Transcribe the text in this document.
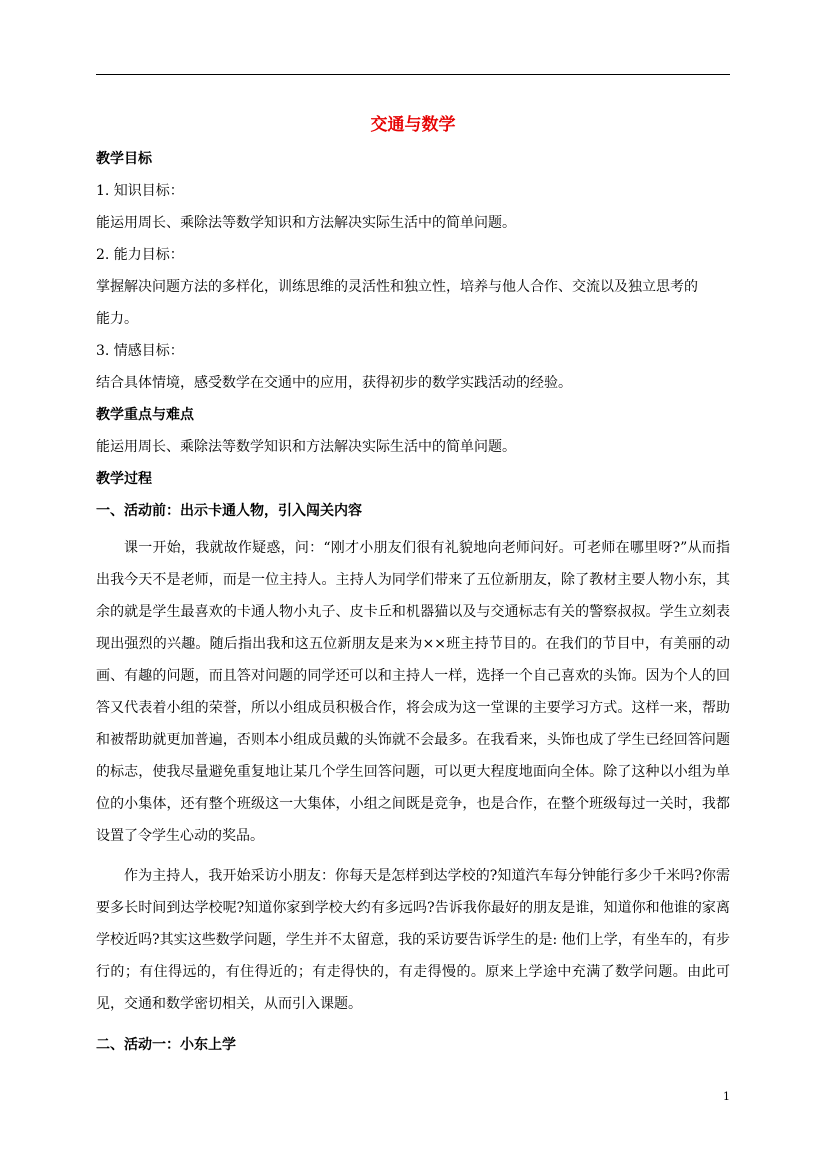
交通与数学

教学目标

1. 知识目标：

能运用周长、乘除法等数学知识和方法解决实际生活中的简单问题。

2. 能力目标：

掌握解决问题方法的多样化，训练思维的灵活性和独立性，培养与他人合作、交流以及独立思考的

能力。

3. 情感目标：

结合具体情境，感受数学在交通中的应用，获得初步的数学实践活动的经验。

教学重点与难点

能运用周长、乘除法等数学知识和方法解决实际生活中的简单问题。

教学过程

一、活动前：出示卡通人物，引入闯关内容

课一开始，我就故作疑惑，问：“刚才小朋友们很有礼貌地向老师问好。可老师在哪里呀?”从而指出我今天不是老师，而是一位主持人。主持人为同学们带来了五位新朋友，除了教材主要人物小东，其余的就是学生最喜欢的卡通人物小丸子、皮卡丘和机器猫以及与交通标志有关的警察叔叔。学生立刻表现出强烈的兴趣。随后指出我和这五位新朋友是来为××班主持节目的。在我们的节目中，有美丽的动画、有趣的问题，而且答对问题的同学还可以和主持人一样，选择一个自己喜欢的头饰。因为个人的回答又代表着小组的荣誉，所以小组成员积极合作，将会成为这一堂课的主要学习方式。这样一来，帮助和被帮助就更加普遍，否则本小组成员戴的头饰就不会最多。在我看来，头饰也成了学生已经回答问题的标志，使我尽量避免重复地让某几个学生回答问题，可以更大程度地面向全体。除了这种以小组为单位的小集体，还有整个班级这一大集体，小组之间既是竞争，也是合作，在整个班级每过一关时，我都设置了令学生心动的奖品。

作为主持人，我开始采访小朋友：你每天是怎样到达学校的?知道汽车每分钟能行多少千米吗?你需要多长时间到达学校呢?知道你家到学校大约有多远吗?告诉我你最好的朋友是谁，知道你和他谁的家离学校近吗?其实这些数学问题，学生并不太留意，我的采访要告诉学生的是: 他们上学，有坐车的，有步行的；有住得远的，有住得近的；有走得快的，有走得慢的。原来上学途中充满了数学问题。由此可见，交通和数学密切相关，从而引入课题。

二、活动一：小东上学

1
